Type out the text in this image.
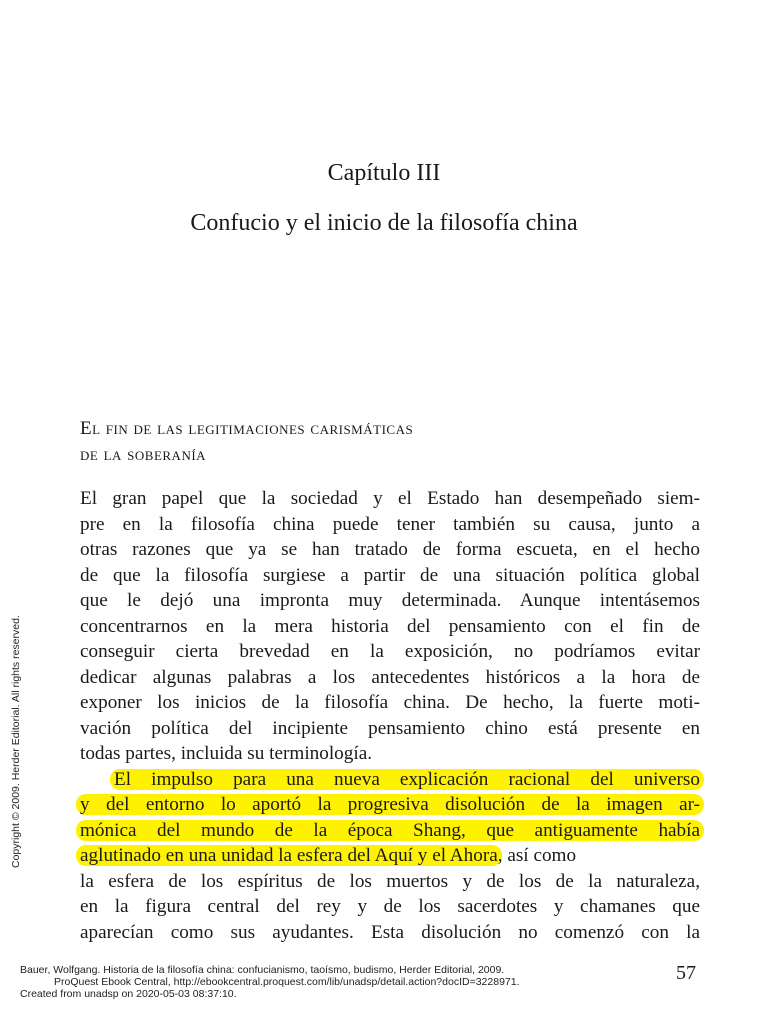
Capítulo III
Confucio y el inicio de la filosofía china
El fin de las legitimaciones carismáticas
de la soberanía
El gran papel que la sociedad y el Estado han desempeñado siem-
pre en la filosofía china puede tener también su causa, junto a
otras razones que ya se han tratado de forma escueta, en el hecho
de que la filosofía surgiese a partir de una situación política global
que le dejó una impronta muy determinada. Aunque intentásemos
concentrarnos en la mera historia del pensamiento con el fin de
conseguir cierta brevedad en la exposición, no podríamos evitar
dedicar algunas palabras a los antecedentes históricos a la hora de
exponer los inicios de la filosofía china. De hecho, la fuerte moti-
vación política del incipiente pensamiento chino está presente en
todas partes, incluida su terminología.
El impulso para una nueva explicación racional del universo
y del entorno lo aportó la progresiva disolución de la imagen ar-
mónica del mundo de la época Shang, que antiguamente había
aglutinado en una unidad la esfera del Aquí y el Ahora, así como
la esfera de los espíritus de los muertos y de los de la naturaleza,
en la figura central del rey y de los sacerdotes y chamanes que
aparecían como sus ayudantes. Esta disolución no comenzó con la
Copyright © 2009. Herder Editorial. All rights reserved.
Bauer, Wolfgang. Historia de la filosofía china: confucianismo, taoísmo, budismo, Herder Editorial, 2009.
ProQuest Ebook Central, http://ebookcentral.proquest.com/lib/unadsp/detail.action?docID=3228971.
Created from unadsp on 2020-05-03 08:37:10.
57
